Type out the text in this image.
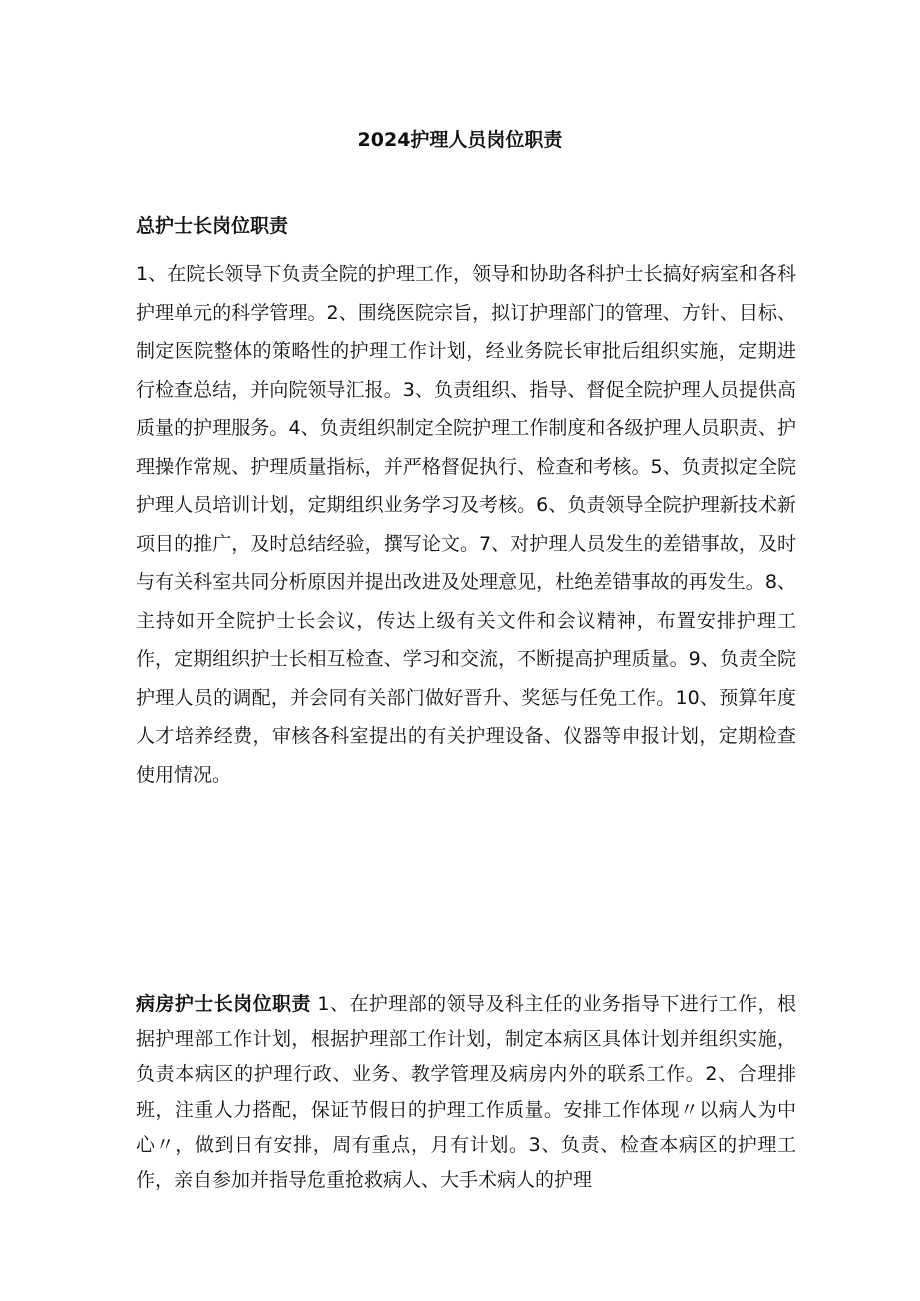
2024护理人员岗位职责
总护士长岗位职责

1、在院长领导下负责全院的护理工作，领导和协助各科护士长搞好病室和各科护理单元的科学管理。2、围绕医院宗旨，拟订护理部门的管理、方针、目标、制定医院整体的策略性的护理工作计划，经业务院长审批后组织实施，定期进行检查总结，并向院领导汇报。3、负责组织、指导、督促全院护理人员提供高质量的护理服务。4、负责组织制定全院护理工作制度和各级护理人员职责、护理操作常规、护理质量指标，并严格督促执行、检查和考核。5、负责拟定全院护理人员培训计划，定期组织业务学习及考核。6、负责领导全院护理新技术新项目的推广，及时总结经验，撰写论文。7、对护理人员发生的差错事故，及时与有关科室共同分析原因并提出改进及处理意见，杜绝差错事故的再发生。8、主持如开全院护士长会议，传达上级有关文件和会议精神，布置安排护理工作，定期组织护士长相互检查、学习和交流，不断提高护理质量。9、负责全院护理人员的调配，并会同有关部门做好晋升、奖惩与任免工作。10、预算年度人才培养经费，审核各科室提出的有关护理设备、仪器等申报计划，定期检查使用情况。

病房护士长岗位职责 1、在护理部的领导及科主任的业务指导下进行工作，根据护理部工作计划，根据护理部工作计划，制定本病区具体计划并组织实施，负责本病区的护理行政、业务、教学管理及病房内外的联系工作。2、合理排班，注重人力搭配，保证节假日的护理工作质量。安排工作体现〃以病人为中心〃，做到日有安排，周有重点，月有计划。3、负责、检查本病区的护理工作，亲自参加并指导危重抢救病人、大手术病人的护理
